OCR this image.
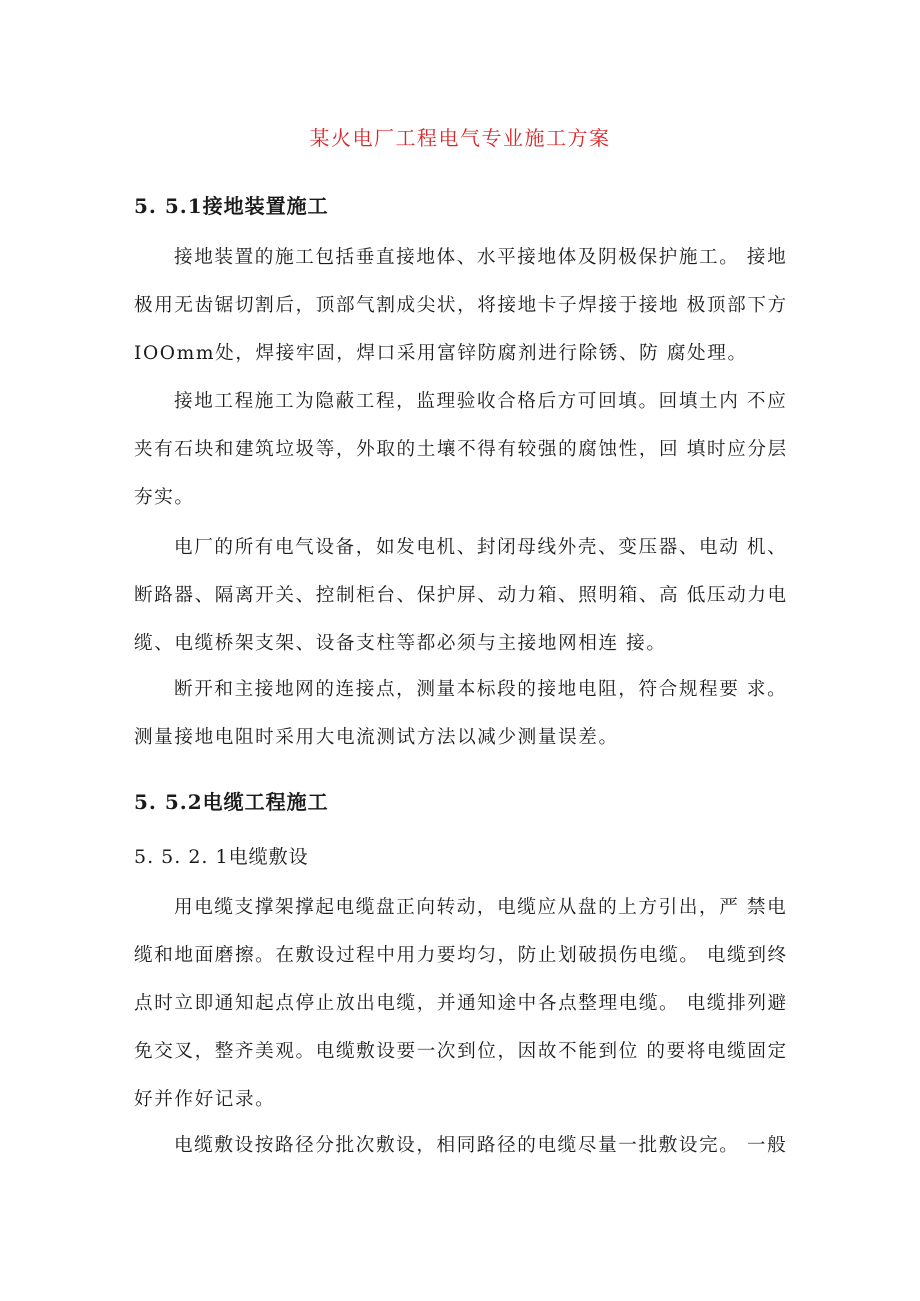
某火电厂工程电气专业施工方案
5. 5.1接地装置施工
接地装置的施工包括垂直接地体、水平接地体及阴极保护施工。 接地
极用无齿锯切割后，顶部气割成尖状，将接地卡子焊接于接地 极顶部下方
IOOmm处，焊接牢固，焊口采用富锌防腐剂进行除锈、防 腐处理。
接地工程施工为隐蔽工程，监理验收合格后方可回填。回填土内 不应
夹有石块和建筑垃圾等，外取的土壤不得有较强的腐蚀性，回 填时应分层
夯实。
电厂的所有电气设备，如发电机、封闭母线外壳、变压器、电动 机、
断路器、隔离开关、控制柜台、保护屏、动力箱、照明箱、高 低压动力电
缆、电缆桥架支架、设备支柱等都必须与主接地网相连 接。
断开和主接地网的连接点，测量本标段的接地电阻，符合规程要 求。
测量接地电阻时采用大电流测试方法以减少测量误差。
5. 5.2电缆工程施工
5. 5. 2. 1电缆敷设
用电缆支撑架撑起电缆盘正向转动，电缆应从盘的上方引出，严 禁电
缆和地面磨擦。在敷设过程中用力要均匀，防止划破损伤电缆。 电缆到终
点时立即通知起点停止放出电缆，并通知途中各点整理电缆。 电缆排列避
免交叉，整齐美观。电缆敷设要一次到位，因故不能到位 的要将电缆固定
好并作好记录。
电缆敷设按路径分批次敷设，相同路径的电缆尽量一批敷设完。 一般
